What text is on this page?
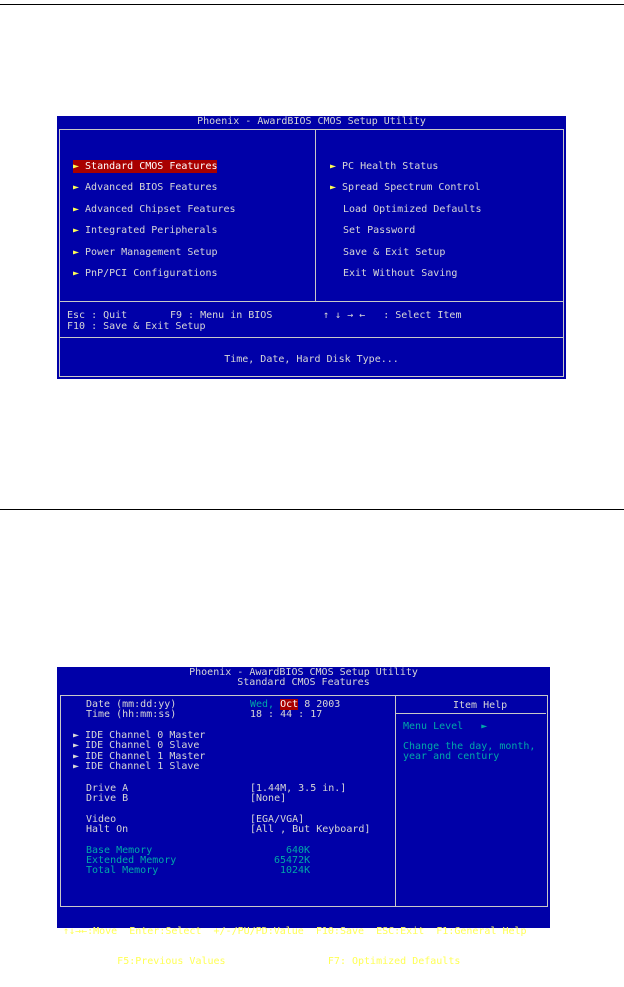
Phoenix - AwardBIOS CMOS Setup Utility
► Standard CMOS Features
► Advanced BIOS Features
► Advanced Chipset Features
► Integrated Peripherals
► Power Management Setup
► PnP/PCI Configurations
► PC Health Status
► Spread Spectrum Control
Load Optimized Defaults
Set Password
Save & Exit Setup
Exit Without Saving
Esc : Quit	F9 : Menu in BIOS	↑ ↓ → ←   : Select Item
F10 : Save & Exit Setup
Time, Date, Hard Disk Type...
Phoenix - AwardBIOS CMOS Setup Utility
Standard CMOS Features
Date (mm:dd:yy)	Wed, Oct 8 2003
Time (hh:mm:ss)	18 : 44 : 17
► IDE Channel 0 Master
► IDE Channel 0 Slave
► IDE Channel 1 Master
► IDE Channel 1 Slave
Drive A	[1.44M, 3.5 in.]
Drive B	[None]
Video	[EGA/VGA]
Halt On	[All , But Keyboard]
Base Memory	640K
Extended Memory	65472K
Total Memory	1024K
Item Help
Menu Level   ►
Change the day, month,
year and century

↑↓→←:Move  Enter:Select  +/-/PU/PD:Value  F10:Save  ESC:Exit  F1:General Help

F5:Previous Values                 F7: Optimized Defaults
